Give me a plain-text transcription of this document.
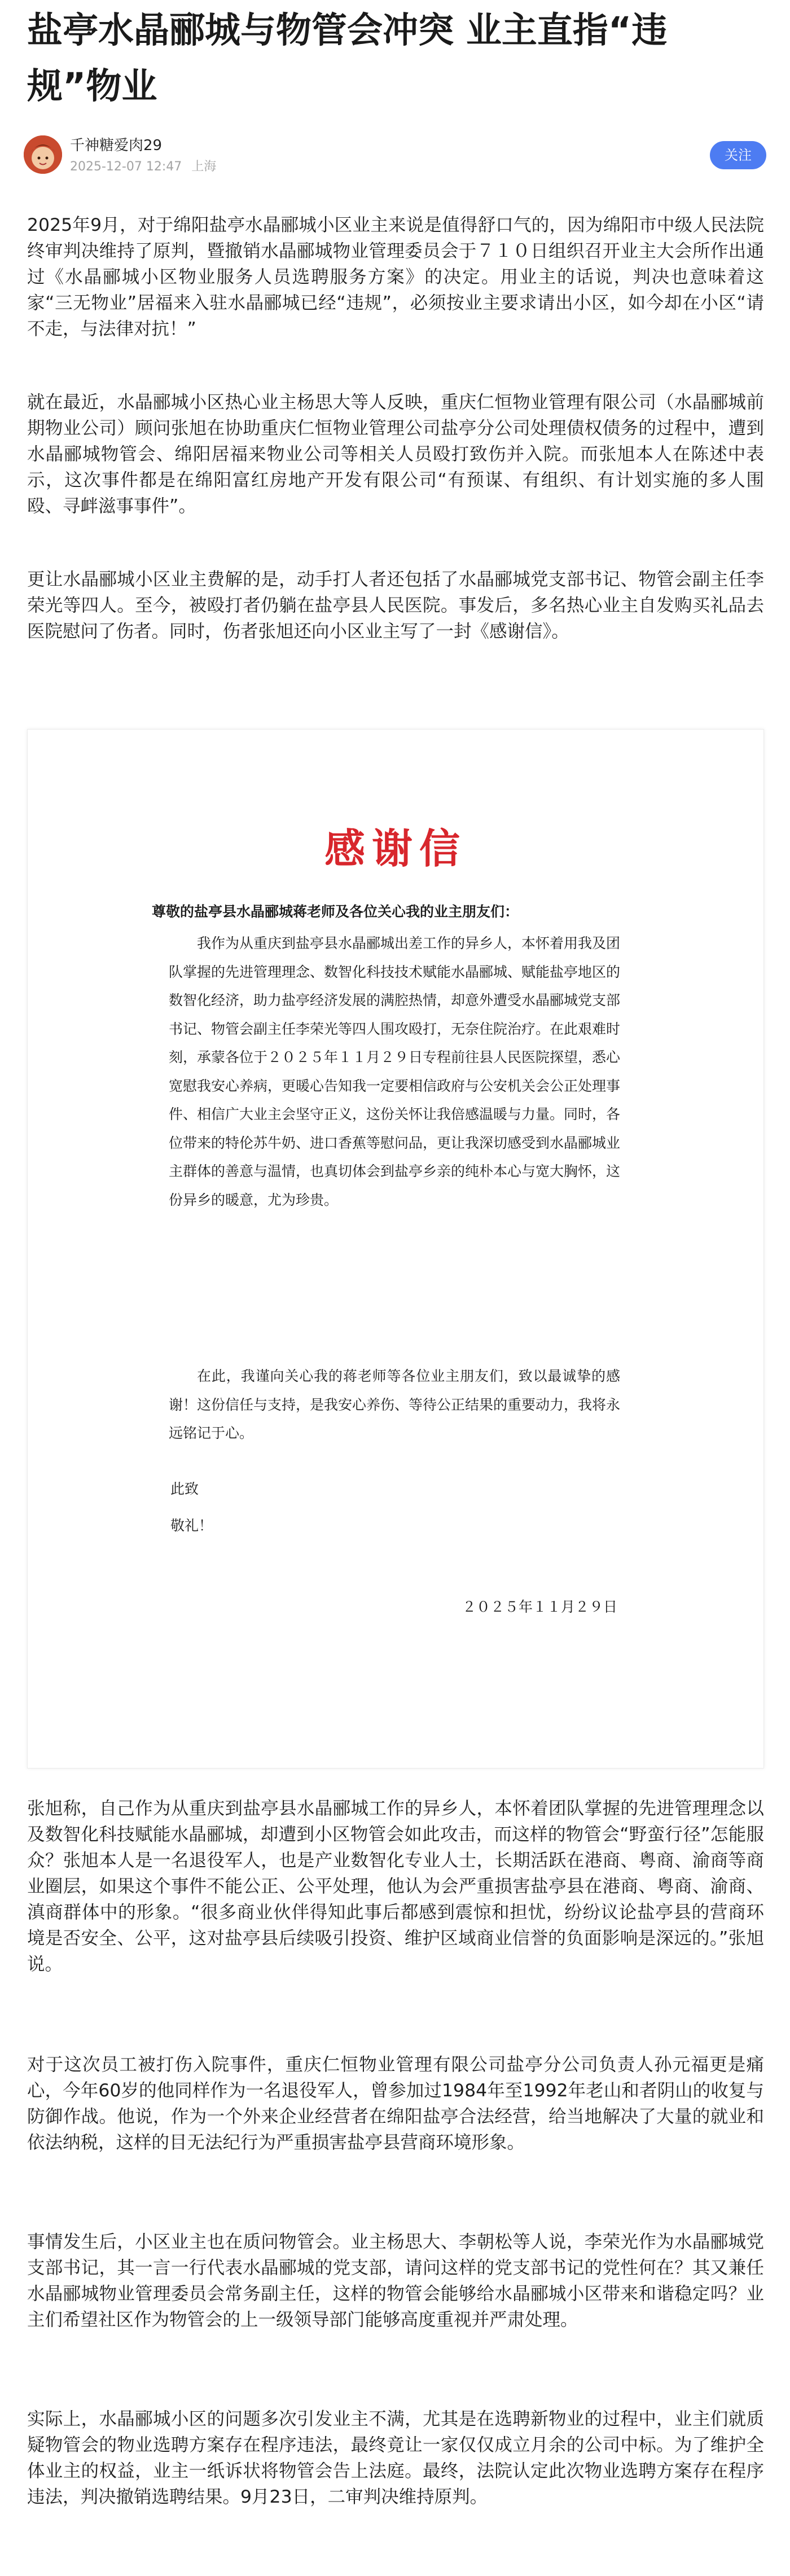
盐亭水晶郦城与物管会冲突 业主直指“违规”物业
千神糖爱肉29
2025-12-07 12:47 上海
关注

2025年9月，对于绵阳盐亭水晶郦城小区业主来说是值得舒口气的，因为绵阳市中级人民法院终审判决维持了原判，暨撤销水晶郦城物业管理委员会于７１０日组织召开业主大会所作出通过《水晶郦城小区物业服务人员选聘服务方案》的决定。用业主的话说，判决也意味着这家“三无物业”居福来入驻水晶郦城已经“违规”，必须按业主要求请出小区，如今却在小区“请不走，与法律对抗！”

就在最近，水晶郦城小区热心业主杨思大等人反映，重庆仁恒物业管理有限公司（水晶郦城前期物业公司）顾问张旭在协助重庆仁恒物业管理公司盐亭分公司处理债权债务的过程中，遭到水晶郦城物管会、绵阳居福来物业公司等相关人员殴打致伤并入院。而张旭本人在陈述中表示，这次事件都是在绵阳富红房地产开发有限公司“有预谋、有组织、有计划实施的多人围殴、寻衅滋事事件”。

更让水晶郦城小区业主费解的是，动手打人者还包括了水晶郦城党支部书记、物管会副主任李荣光等四人。至今，被殴打者仍躺在盐亭县人民医院。事发后，多名热心业主自发购买礼品去医院慰问了伤者。同时，伤者张旭还向小区业主写了一封《感谢信》。

感谢信
尊敬的盐亭县水晶郦城蒋老师及各位关心我的业主朋友们：

我作为从重庆到盐亭县水晶郦城出差工作的异乡人，本怀着用我及团队掌握的先进管理理念、数智化科技技术赋能水晶郦城、赋能盐亭地区的数智化经济，助力盐亭经济发展的满腔热情，却意外遭受水晶郦城党支部书记、物管会副主任李荣光等四人围攻殴打，无奈住院治疗。在此艰难时刻，承蒙各位于２０２５年１１月２９日专程前往县人民医院探望，悉心宽慰我安心养病，更暖心告知我一定要相信政府与公安机关会公正处理事件、相信广大业主会坚守正义，这份关怀让我倍感温暖与力量。同时，各位带来的特伦苏牛奶、进口香蕉等慰问品，更让我深切感受到水晶郦城业主群体的善意与温情，也真切体会到盐亭乡亲的纯朴本心与宽大胸怀，这份异乡的暖意，尤为珍贵。

在此，我谨向关心我的蒋老师等各位业主朋友们，致以最诚挚的感谢！这份信任与支持，是我安心养伤、等待公正结果的重要动力，我将永远铭记于心。

此致
敬礼！
２０２５年１１月２９日

张旭称，自己作为从重庆到盐亭县水晶郦城工作的异乡人，本怀着团队掌握的先进管理理念以及数智化科技赋能水晶郦城，却遭到小区物管会如此攻击，而这样的物管会“野蛮行径”怎能服众？张旭本人是一名退役军人，也是产业数智化专业人士，长期活跃在港商、粤商、渝商等商业圈层，如果这个事件不能公正、公平处理，他认为会严重损害盐亭县在港商、粤商、渝商、滇商群体中的形象。“很多商业伙伴得知此事后都感到震惊和担忧，纷纷议论盐亭县的营商环境是否安全、公平，这对盐亭县后续吸引投资、维护区域商业信誉的负面影响是深远的。”张旭说。

对于这次员工被打伤入院事件，重庆仁恒物业管理有限公司盐亭分公司负责人孙元福更是痛心，今年60岁的他同样作为一名退役军人，曾参加过1984年至1992年老山和者阴山的收复与防御作战。他说，作为一个外来企业经营者在绵阳盐亭合法经营，给当地解决了大量的就业和依法纳税，这样的目无法纪行为严重损害盐亭县营商环境形象。

事情发生后，小区业主也在质问物管会。业主杨思大、李朝松等人说，李荣光作为水晶郦城党支部书记，其一言一行代表水晶郦城的党支部，请问这样的党支部书记的党性何在？其又兼任水晶郦城物业管理委员会常务副主任，这样的物管会能够给水晶郦城小区带来和谐稳定吗？业主们希望社区作为物管会的上一级领导部门能够高度重视并严肃处理。

实际上，水晶郦城小区的问题多次引发业主不满，尤其是在选聘新物业的过程中，业主们就质疑物管会的物业选聘方案存在程序违法，最终竟让一家仅仅成立月余的公司中标。为了维护全体业主的权益，业主一纸诉状将物管会告上法庭。最终，法院认定此次物业选聘方案存在程序违法，判决撤销选聘结果。9月23日，二审判决维持原判。
